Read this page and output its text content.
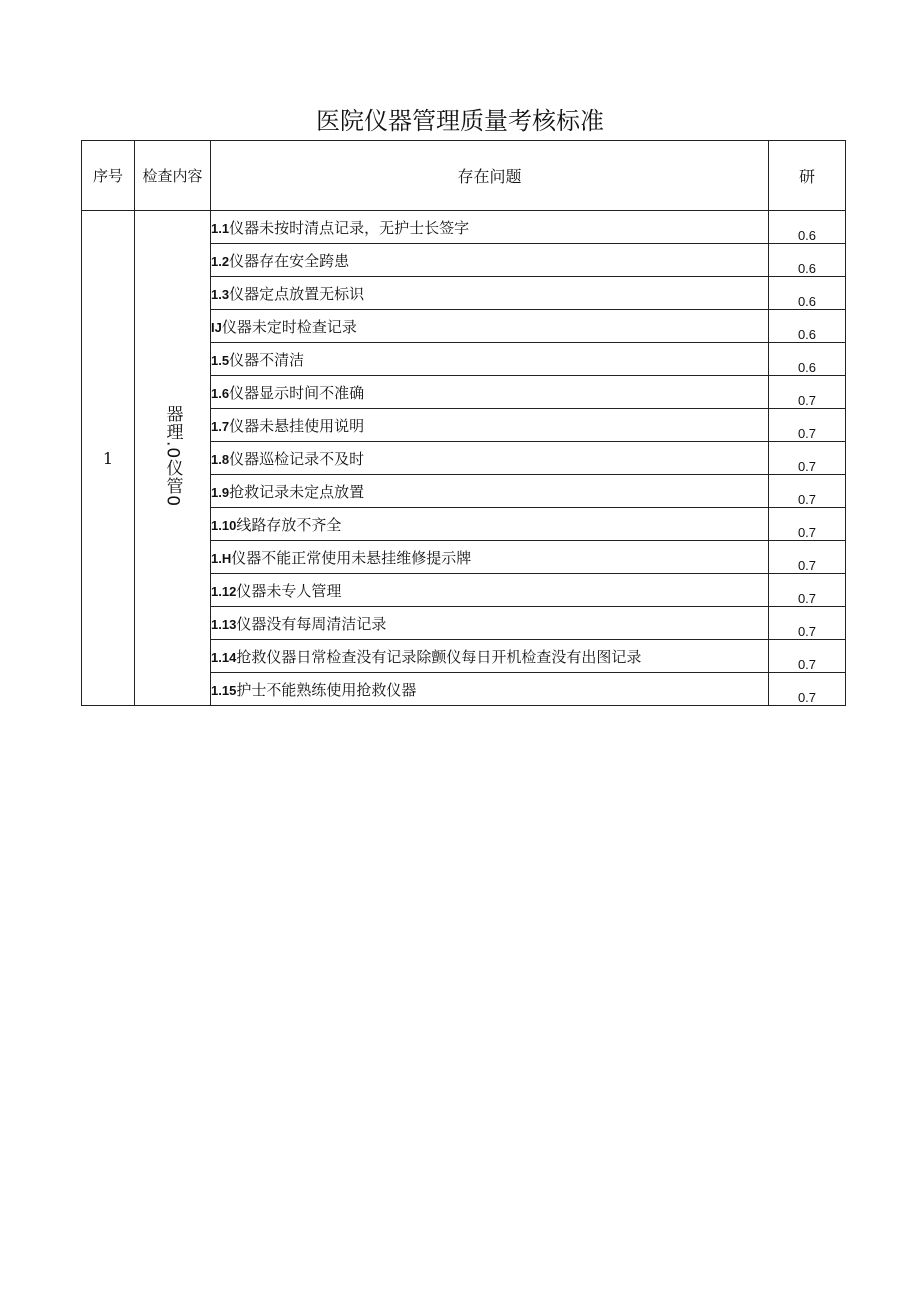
医院仪器管理质量考核标准
序号	检查内容	存在问题	研
1	器理.0仪管0	1.1仪器未按时清点记录，无护士长签字	0.6
		1.2仪器存在安全跨患	0.6
		1.3仪器定点放置无标识	0.6
		IJ仪器未定时检查记录	0.6
		1.5仪器不清洁	0.6
		1.6仪器显示时间不准确	0.7
		1.7仪器未悬挂使用说明	0.7
		1.8仪器巡检记录不及时	0.7
		1.9抢救记录未定点放置	0.7
		1.10线路存放不齐全	0.7
		1.H仪器不能正常使用未悬挂维修提示牌	0.7
		1.12仪器未专人管理	0.7
		1.13仪器没有每周清洁记录	0.7
		1.14抢救仪器日常检查没有记录除颤仪每日开机检查没有出图记录	0.7
		1.15护士不能熟练使用抢救仪器	0.7
